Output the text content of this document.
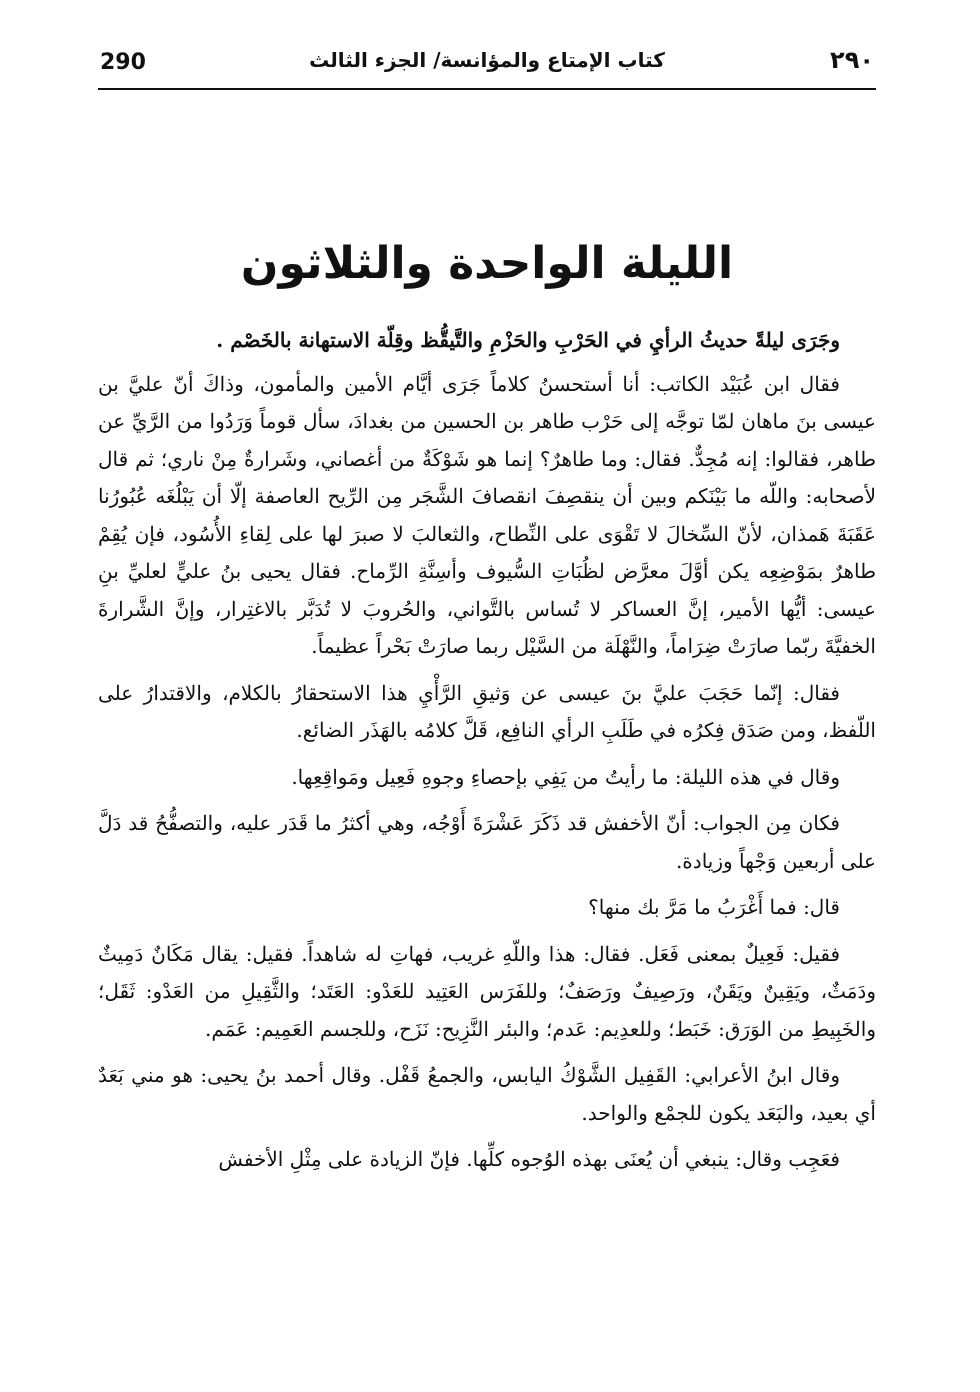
290	كتاب الإمتاع والمؤانسة/ الجزء الثالث	٢٩٠
الليلة الواحدة والثلاثون

وجَرَى ليلةً حديثُ الرأيِ في الحَرْبِ والحَزْمِ والتَّيقُّظ وقِلّة الاستهانة بالخَصْم .

فقال ابن عُبَيْد الكاتب: أنا أستحسنُ كلاماً جَرَى أيَّام الأمين والمأمون، وذاكَ أنّ عليَّ بن عيسى بنَ ماهان لمّا توجَّه إلى حَرْب طاهر بن الحسين من بغدادَ، سأل قوماً وَرَدُوا من الرَّيِّ عن طاهر، فقالوا: إنه مُجِدٌّ. فقال: وما طاهرٌ؟ إنما هو شَوْكَةٌ من أغصاني، وشَرارةٌ مِنْ ناري؛ ثم قال لأصحابه: واللّه ما بَيْنَكم وبين أن ينقصِفَ انقصافَ الشَّجَر مِن الرِّيح العاصفة إلّا أن يَبْلُغَه عُبُورُنا عَقَبَةَ هَمذان، لأنّ السِّخالَ لا تَقْوَى على النِّطاح، والثعالبَ لا صبرَ لها على لِقاءِ الأُسُود، فإن يُقِمْ طاهرٌ بمَوْضِعِه يكن أوَّلَ معرَّض لظُبَاتِ السُّيوف وأسِنَّةِ الرِّماح. فقال يحيى بنُ عليٍّ لعليِّ بنِ عيسى: أيُّها الأمير، إنَّ العساكر لا تُساس بالتَّواني، والحُروبَ لا تُدَبَّر بالاغتِرار، وإنَّ الشَّرارةَ الخفيَّةَ ربّما صارَتْ ضِرَاماً، والنَّهْلَة من السَّيْل ربما صارَتْ بَحْراً عظيماً.

فقال: إنّما حَجَبَ عليَّ بنَ عيسى عن وَثيقِ الرَّأْيِ هذا الاستحقارُ بالكلام، والاقتدارُ على اللّفظ، ومن صَدَق فِكرُه في طَلَبِ الرأي النافِع، قَلَّ كلامُه بالهَذَر الضائع.

وقال في هذه الليلة: ما رأيتُ من يَفِي بإحصاءِ وجوهِ فَعِيل ومَواقِعِها.

فكان مِن الجواب: أنّ الأخفش قد ذَكَرَ عَشْرَةَ أَوْجُه، وهي أكثرُ ما قَدَر عليه، والتصفُّحُ قد دَلَّ على أربعين وَجْهاً وزيادة.

قال: فما أَغْرَبُ ما مَرَّ بك منها؟

فقيل: فَعِيلٌ بمعنى فَعَل. فقال: هذا واللّهِ غريب، فهاتِ له شاهداً. فقيل: يقال مَكَانٌ دَمِيثٌ ودَمَثٌ، ويَقِينٌ ويَقَنٌ، ورَصِيفٌ ورَصَفٌ؛ وللفَرَس العَتِيد للعَدْو: العَتَد؛ والثَّقِيلِ من العَدْو: ثَقَل؛ والخَبِيطِ من الوَرَق: خَبَط؛ وللعدِيم: عَدم؛ والبئر النَّزِيح: نَزَح، وللجسم العَمِيم: عَمَم.

وقال ابنُ الأعرابي: القَفِيل الشَّوْكُ اليابس، والجمعُ قَفْل. وقال أحمد بنُ يحيى: هو مني بَعَدٌ أي بعيد، والبَعَد يكون للجمْع والواحد.

فعَجِب وقال: ينبغي أن يُعنَى بهذه الوُجوه كلِّها. فإنّ الزيادة على مِثْلِ الأخفش
